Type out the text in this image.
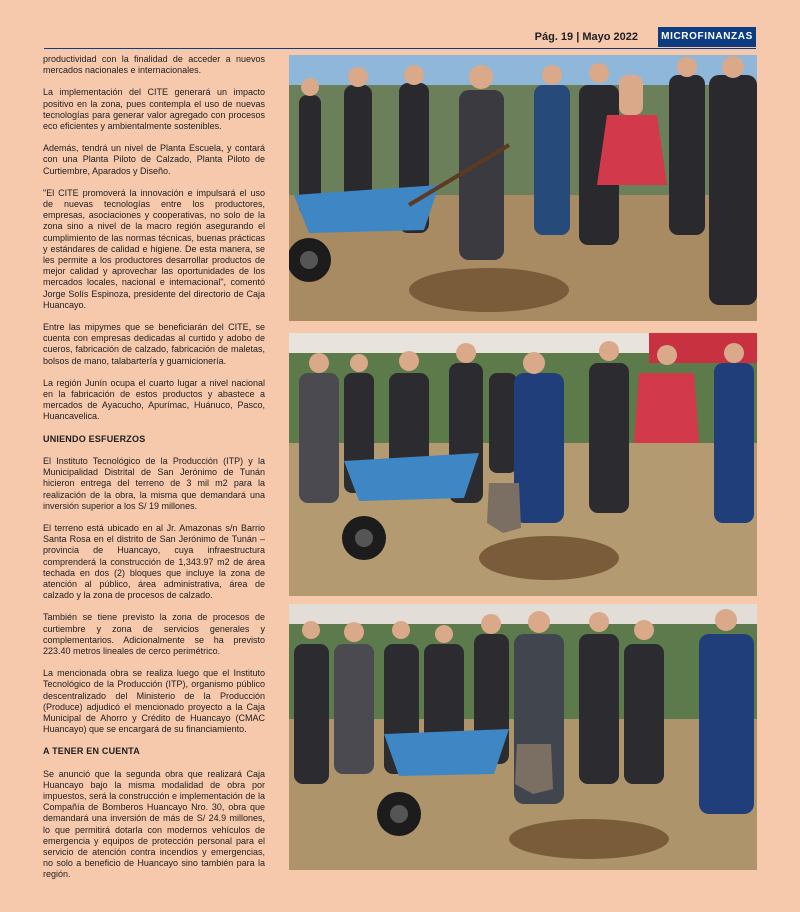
Pág. 19 | Mayo 2022	MICROFINANZAS

productividad con la finalidad de acceder a nuevos mercados nacionales e internacionales.

La implementación del CITE generará un impacto positivo en la zona, pues contempla el uso de nuevas tecnologías para generar valor agregado con procesos eco eficientes y ambientalmente sostenibles.

Además, tendrá un nivel de Planta Escuela, y contará con una Planta Piloto de Calzado, Planta Piloto de Curtiembre, Aparados y Diseño.

"El CITE promoverá la innovación e impulsará el uso de nuevas tecnologías entre los productores, empresas, asociaciones y cooperativas, no solo de la zona sino a nivel de la macro región asegurando el cumplimiento de las normas técnicas, buenas prácticas y estándares de calidad e higiene. De esta manera, se les permite a los productores desarrollar productos de mejor calidad y aprovechar las oportunidades de los mercados locales, nacional e internacional", comentó Jorge Solís Espinoza, presidente del directorio de Caja Huancayo.

Entre las mipymes que se beneficiarán del CITE, se cuenta con empresas dedicadas al curtido y adobo de cueros, fabricación de calzado, fabricación de maletas, bolsos de mano, talabartería y guarnicionería.

La región Junín ocupa el cuarto lugar a nivel nacional en la fabricación de estos productos y abastece a mercados de Ayacucho, Apurímac, Huánuco, Pasco, Huancavelica.

UNIENDO ESFUERZOS

El Instituto Tecnológico de la Producción (ITP) y la Municipalidad Distrital de San Jerónimo de Tunán hicieron entrega del terreno de 3 mil m2 para la realización de la obra, la misma que demandará una inversión superior a los S/ 19 millones.

El terreno está ubicado en al Jr. Amazonas s/n Barrio Santa Rosa en el distrito de San Jerónimo de Tunán – provincia de Huancayo, cuya infraestructura comprenderá la construcción de 1,343.97 m2 de área techada en dos (2) bloques que incluye la zona de atención al público, área administrativa, área de calzado y la zona de procesos de calzado.

También se tiene previsto la zona de procesos de curtiembre y zona de servicios generales y complementarios. Adicionalmente se ha previsto 223.40 metros lineales de cerco perimétrico.

La mencionada obra se realiza luego que el Instituto Tecnológico de la Producción (ITP), organismo público descentralizado del Ministerio de la Producción (Produce) adjudicó el mencionado proyecto a la Caja Municipal de Ahorro y Crédito de Huancayo (CMAC Huancayo) que se encargará de su financiamiento.

A TENER EN CUENTA

Se anunció que la segunda obra que realizará Caja Huancayo bajo la misma modalidad de obra por impuestos, será la construcción e implementación de la Compañía de Bomberos Huancayo Nro. 30, obra que demandará una inversión de más de S/ 24.9 millones, lo que permitirá dotarla con modernos vehículos de emergencia y equipos de protección personal para el servicio de atención contra incendios y emergencias, no solo a beneficio de Huancayo sino también para la región.
